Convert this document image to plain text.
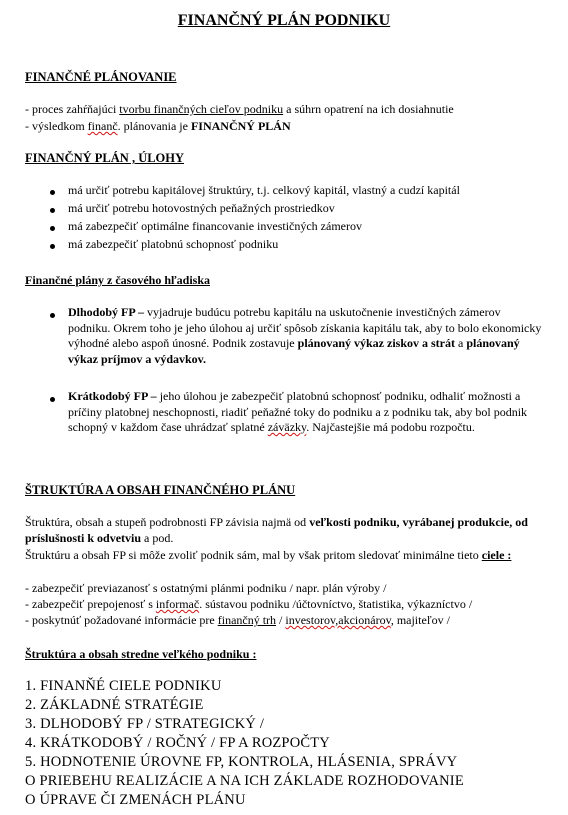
FINANČNÝ PLÁN PODNIKU
FINANČNÉ PLÁNOVANIE
- proces zahŕňajúci tvorbu finančných cieľov podniku a súhrn opatrení na ich dosiahnutie
- výsledkom finanč. plánovania je FINANČNÝ PLÁN
FINANČNÝ PLÁN , ÚLOHY
má určiť potrebu kapitálovej štruktúry, t.j. celkový kapitál, vlastný a cudzí kapitál
má určiť potrebu hotovostných peňažných prostriedkov
má zabezpečiť optimálne financovanie investičných zámerov
má zabezpečiť platobnú schopnosť podniku
Finančné plány z časového hľadiska
Dlhodobý FP – vyjadruje budúcu potrebu kapitálu na uskutočnenie investičných zámerov podniku. Okrem toho je jeho úlohou aj určiť spôsob získania kapitálu tak, aby to bolo ekonomicky výhodné alebo aspoň únosné. Podnik zostavuje plánovaný výkaz ziskov a strát a plánovaný výkaz príjmov a výdavkov.
Krátkodobý FP – jeho úlohou je zabezpečiť platobnú schopnosť podniku, odhaliť možnosti a príčiny platobnej neschopnosti, riadiť peňažné toky do podniku a z podniku tak, aby bol podnik schopný v každom čase uhrádzať splatné záväzky. Najčastejšie má podobu rozpočtu.
ŠTRUKTÚRA A OBSAH FINANČNÉHO PLÁNU
Štruktúra, obsah a stupeň podrobnosti FP závisia najmä od veľkosti podniku, vyrábanej produkcie, od príslušnosti k odvetviu a pod.
Štruktúru a obsah FP si môže zvoliť podnik sám, mal by však pritom sledovať minimálne tieto ciele :
- zabezpečiť previazanosť s ostatnými plánmi podniku / napr. plán výroby /
- zabezpečiť prepojenosť s informač. sústavou podniku /účtovníctvo, štatistika, výkazníctvo /
- poskytnúť požadované informácie pre finančný trh / investorov,akcionárov, majiteľov /
Štruktúra a obsah stredne veľkého podniku :
1. FINANŇÉ CIELE PODNIKU
2. ZÁKLADNÉ STRATÉGIE
3. DLHODOBÝ FP / STRATEGICKÝ /
4. KRÁTKODOBÝ / ROČNÝ / FP A ROZPOČTY
5. HODNOTENIE ÚROVNE FP, KONTROLA, HLÁSENIA, SPRÁVY
O PRIEBEHU REALIZÁCIE A NA ICH ZÁKLADE ROZHODOVANIE
O ÚPRAVE ČI ZMENÁCH PLÁNU
